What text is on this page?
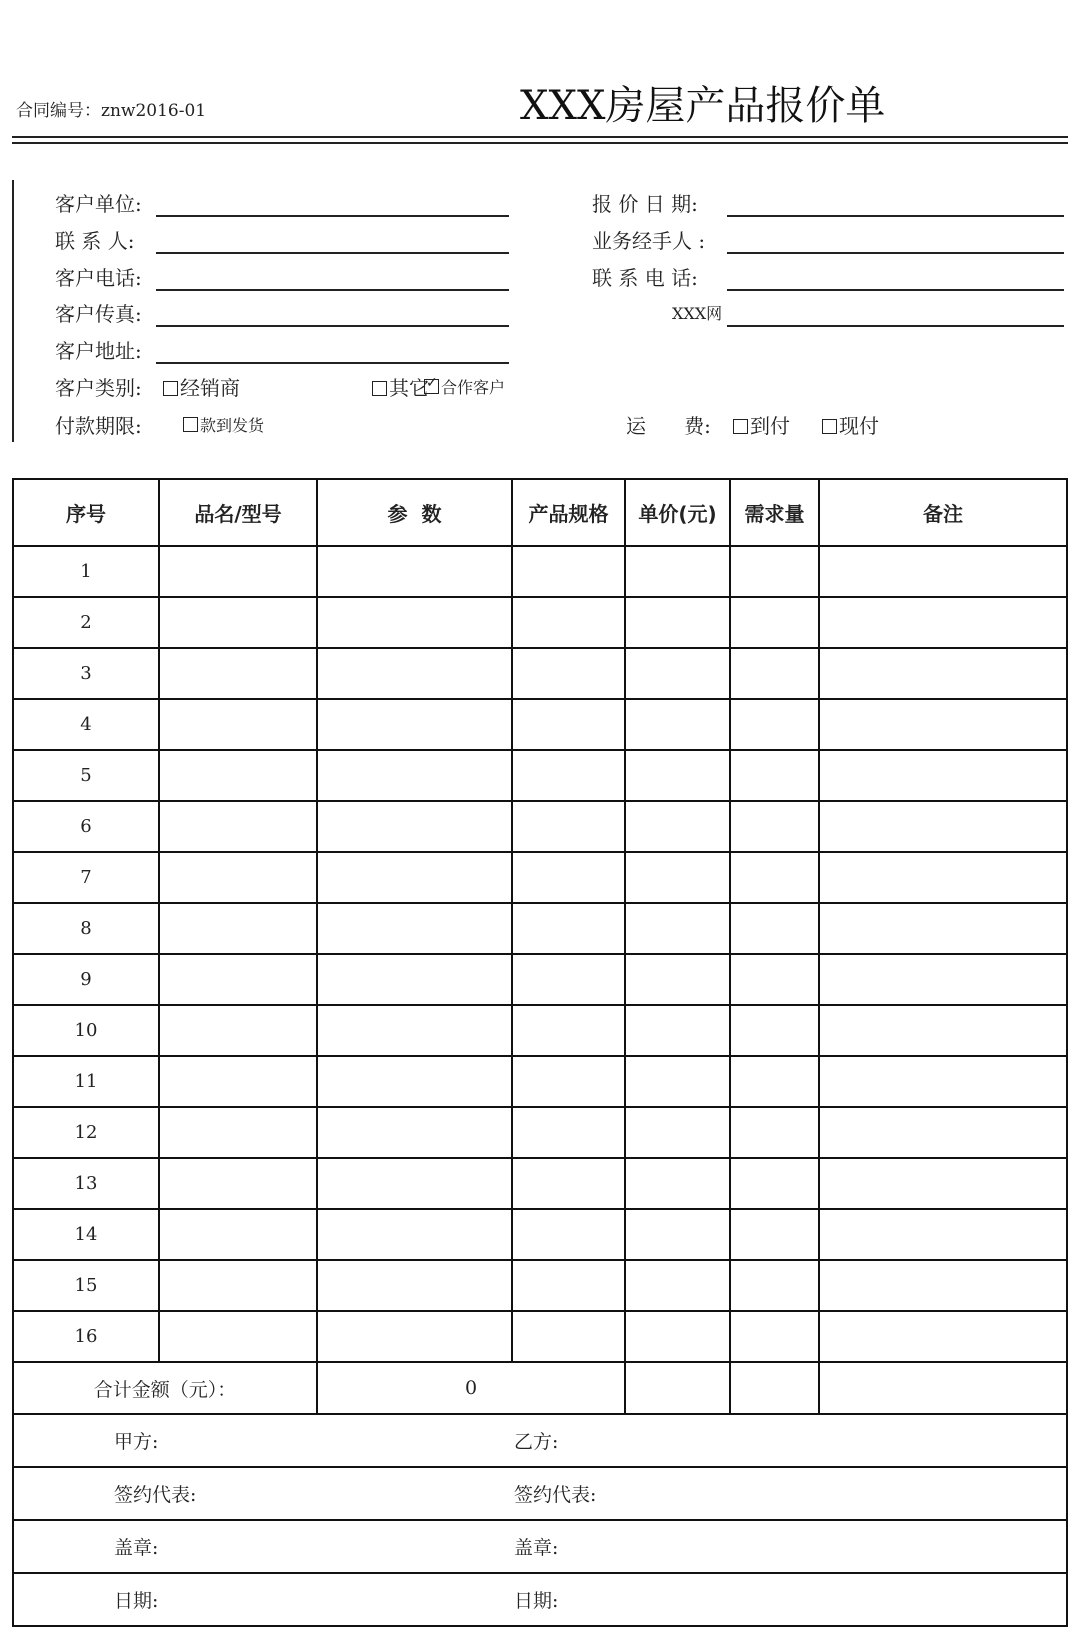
合同编号：znw2016-01	XXX房屋产品报价单
客户单位:
联 系 人:
客户电话:
客户传真:
客户地址:
客户类别:	经销商	其它 ✓ 合作客户
付款期限:	款到发货
报 价 日 期:
业务经手人 :
联 系 电 话:
XXX网
运      费:	到付	现付
序号	品名/型号	参  数	产品规格	单价(元)	需求量	备注
1						
2						
3						
4						
5						
6						
7						
8						
9						
10						
11						
12						
13						
14						
15						
16						
合计金额（元）：		0				
甲方: 乙方:						
签约代表: 签约代表:						
盖章: 盖章:						
日期: 日期:						
